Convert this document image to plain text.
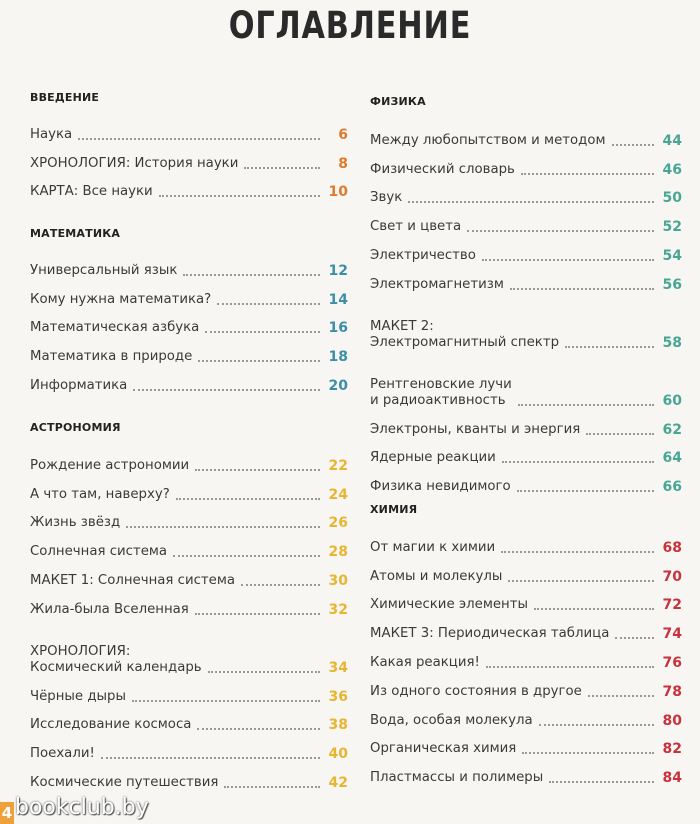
ОГЛАВЛЕНИЕ
ВВЕДЕНИЕ
Наука	6
ХРОНОЛОГИЯ: История науки	8
КАРТА: Все науки	10
МАТЕМАТИКА
Универсальный язык	12
Кому нужна математика?	14
Математическая азбука	16
Математика в природе	18
Информатика	20
АСТРОНОМИЯ
Рождение астрономии	22
А что там, наверху?	24
Жизнь звёзд	26
Солнечная система	28
МАКЕТ 1: Солнечная система	30
Жила-была Вселенная	32
ХРОНОЛОГИЯ:
Космический календарь	34
Чёрные дыры	36
Исследование космоса	38
Поехали!	40
Космические путешествия	42
ФИЗИКА
Между любопытством и методом	44
Физический словарь	46
Звук	50
Свет и цвета	52
Электричество	54
Электромагнетизм	56
МАКЕТ 2:
Электромагнитный спектр	58
Рентгеновские лучи
и радиоактивность	60
Электроны, кванты и энергия	62
Ядерные реакции	64
Физика невидимого	66
ХИМИЯ
От магии к химии	68
Атомы и молекулы	70
Химические элементы	72
МАКЕТ 3: Периодическая таблица	74
Какая реакция!	76
Из одного состояния в другое	78
Вода, особая молекула	80
Органическая химия	82
Пластмассы и полимеры	84
4 bookclub.by
